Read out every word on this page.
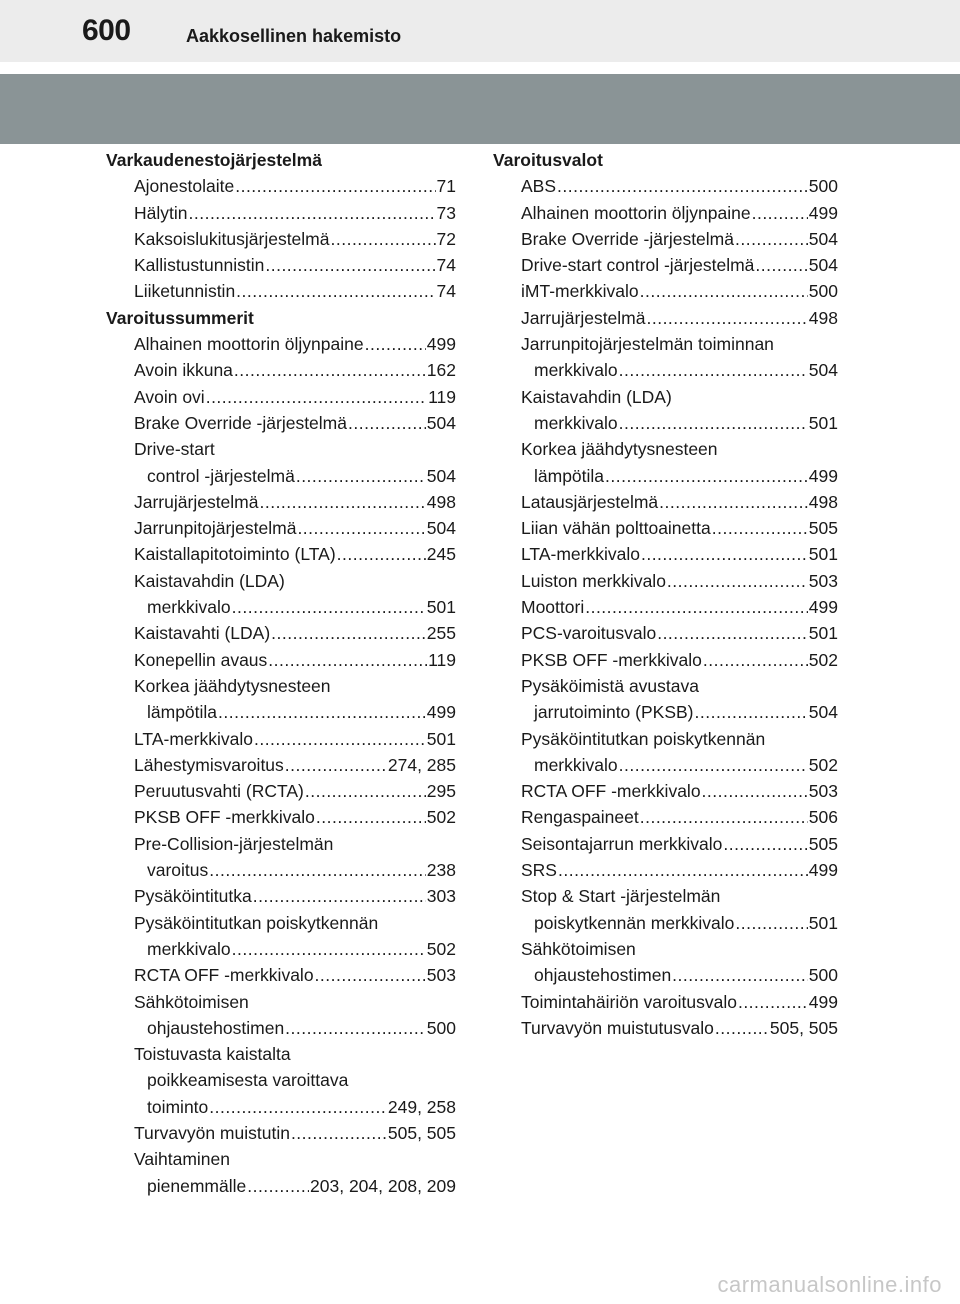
600	Aakkosellinen hakemisto
Varkaudenestojärjestelmä
Ajonestolaite .....	71
Hälytin .....	73
Kaksoislukitusjärjestelmä .....	72
Kallistustunnistin .....	74
Liiketunnistin .....	74
Varoitussummerit
Alhainen moottorin öljynpaine .....	499
Avoin ikkuna .....	162
Avoin ovi .....	119
Brake Override -järjestelmä .....	504
Drive-start
control -järjestelmä .....	504
Jarrujärjestelmä .....	498
Jarrunpitojärjestelmä .....	504
Kaistallapitotoiminto (LTA) .....	245
Kaistavahdin (LDA)
merkkivalo .....	501
Kaistavahti (LDA) .....	255
Konepellin avaus .....	119
Korkea jäähdytysnesteen
lämpötila .....	499
LTA-merkkivalo .....	501
Lähestymisvaroitus .....	274, 285
Peruutusvahti (RCTA) .....	295
PKSB OFF -merkkivalo .....	502
Pre-Collision-järjestelmän
varoitus .....	238
Pysäköintitutka .....	303
Pysäköintitutkan poiskytkennän
merkkivalo .....	502
RCTA OFF -merkkivalo .....	503
Sähkötoimisen
ohjaustehostimen .....	500
Toistuvasta kaistalta
poikkeamisesta varoittava
toiminto .....	249, 258
Turvavyön muistutin .....	505, 505
Vaihtaminen
pienemmälle .....	203, 204, 208, 209
Varoitusvalot
ABS .....	500
Alhainen moottorin öljynpaine .....	499
Brake Override -järjestelmä .....	504
Drive-start control -järjestelmä .....	504
iMT-merkkivalo .....	500
Jarrujärjestelmä .....	498
Jarrunpitojärjestelmän toiminnan
merkkivalo .....	504
Kaistavahdin (LDA)
merkkivalo .....	501
Korkea jäähdytysnesteen
lämpötila .....	499
Latausjärjestelmä .....	498
Liian vähän polttoainetta .....	505
LTA-merkkivalo .....	501
Luiston merkkivalo .....	503
Moottori .....	499
PCS-varoitusvalo .....	501
PKSB OFF -merkkivalo .....	502
Pysäköimistä avustava
jarrutoiminto (PKSB) .....	504
Pysäköintitutkan poiskytkennän
merkkivalo .....	502
RCTA OFF -merkkivalo .....	503
Rengaspaineet .....	506
Seisontajarrun merkkivalo .....	505
SRS .....	499
Stop & Start -järjestelmän
poiskytkennän merkkivalo .....	501
Sähkötoimisen
ohjaustehostimen .....	500
Toimintahäiriön varoitusvalo .....	499
Turvavyön muistutusvalo .....	505, 505
carmanualsonline.info
